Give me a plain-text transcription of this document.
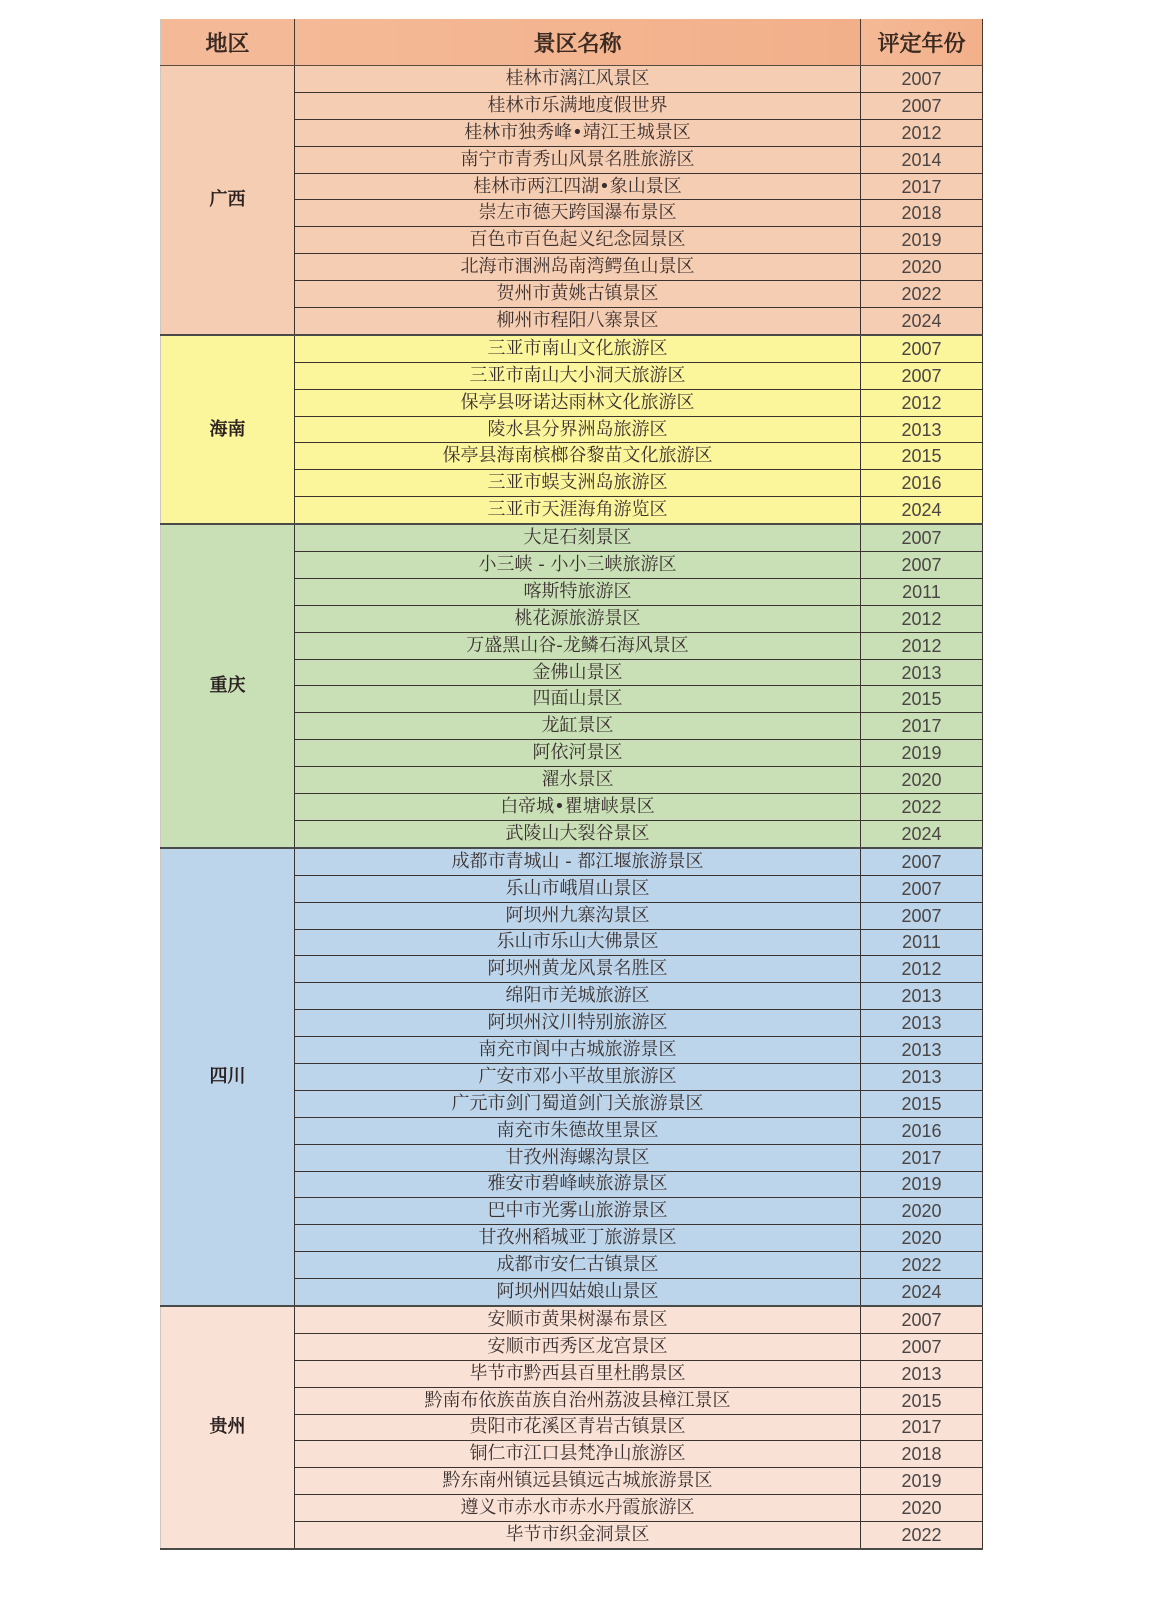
地区	景区名称	评定年份
广西	桂林市漓江风景区	2007
	桂林市乐满地度假世界	2007
	桂林市独秀峰•靖江王城景区	2012
	南宁市青秀山风景名胜旅游区	2014
	桂林市两江四湖•象山景区	2017
	崇左市德天跨国瀑布景区	2018
	百色市百色起义纪念园景区	2019
	北海市涠洲岛南湾鳄鱼山景区	2020
	贺州市黄姚古镇景区	2022
	柳州市程阳八寨景区	2024
海南	三亚市南山文化旅游区	2007
	三亚市南山大小洞天旅游区	2007
	保亭县呀诺达雨林文化旅游区	2012
	陵水县分界洲岛旅游区	2013
	保亭县海南槟榔谷黎苗文化旅游区	2015
	三亚市蜈支洲岛旅游区	2016
	三亚市天涯海角游览区	2024
重庆	大足石刻景区	2007
	小三峡 - 小小三峡旅游区	2007
	喀斯特旅游区	2011
	桃花源旅游景区	2012
	万盛黑山谷-龙鳞石海风景区	2012
	金佛山景区	2013
	四面山景区	2015
	龙缸景区	2017
	阿依河景区	2019
	濯水景区	2020
	白帝城•瞿塘峡景区	2022
	武陵山大裂谷景区	2024
四川	成都市青城山 - 都江堰旅游景区	2007
	乐山市峨眉山景区	2007
	阿坝州九寨沟景区	2007
	乐山市乐山大佛景区	2011
	阿坝州黄龙风景名胜区	2012
	绵阳市羌城旅游区	2013
	阿坝州汶川特别旅游区	2013
	南充市阆中古城旅游景区	2013
	广安市邓小平故里旅游区	2013
	广元市剑门蜀道剑门关旅游景区	2015
	南充市朱德故里景区	2016
	甘孜州海螺沟景区	2017
	雅安市碧峰峡旅游景区	2019
	巴中市光雾山旅游景区	2020
	甘孜州稻城亚丁旅游景区	2020
	成都市安仁古镇景区	2022
	阿坝州四姑娘山景区	2024
贵州	安顺市黄果树瀑布景区	2007
	安顺市西秀区龙宫景区	2007
	毕节市黔西县百里杜鹃景区	2013
	黔南布依族苗族自治州荔波县樟江景区	2015
	贵阳市花溪区青岩古镇景区	2017
	铜仁市江口县梵净山旅游区	2018
	黔东南州镇远县镇远古城旅游景区	2019
	遵义市赤水市赤水丹霞旅游区	2020
	毕节市织金洞景区	2022
